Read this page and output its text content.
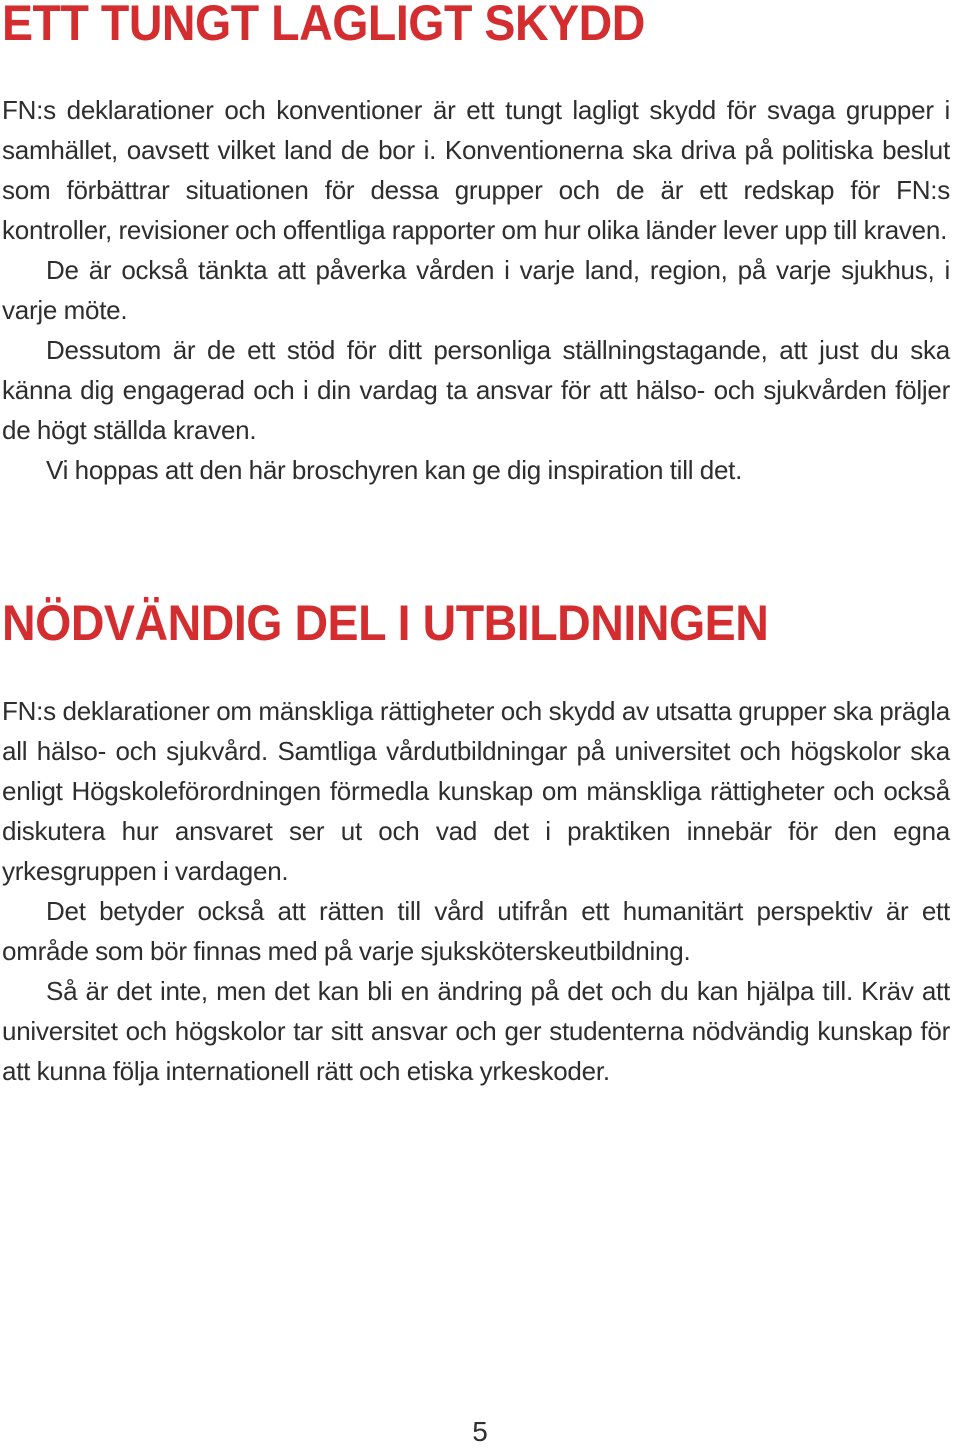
ETT TUNGT LAGLIGT SKYDD

FN:s deklarationer och konventioner är ett tungt lagligt skydd för svaga grupper i samhället, oavsett vilket land de bor i. Konventionerna ska driva på politiska beslut som förbättrar situationen för dessa grupper och de är ett redskap för FN:s kontroller, revisioner och offentliga rapporter om hur olika länder lever upp till kraven.

De är också tänkta att påverka vården i varje land, region, på varje sjukhus, i varje möte.

Dessutom är de ett stöd för ditt personliga ställningstagande, att just du ska känna dig engagerad och i din vardag ta ansvar för att hälso- och sjukvården följer de högt ställda kraven.

Vi hoppas att den här broschyren kan ge dig inspiration till det.

NÖDVÄNDIG DEL I UTBILDNINGEN

FN:s deklarationer om mänskliga rättigheter och skydd av utsatta grupper ska prägla all hälso- och sjukvård. Samtliga vårdutbildningar på universitet och högskolor ska enligt Högskoleförordningen förmedla kunskap om mänskliga rättigheter och också diskutera hur ansvaret ser ut och vad det i praktiken innebär för den egna yrkesgruppen i vardagen.

Det betyder också att rätten till vård utifrån ett humanitärt perspektiv är ett område som bör finnas med på varje sjuksköterskeutbildning.

Så är det inte, men det kan bli en ändring på det och du kan hjälpa till. Kräv att universitet och högskolor tar sitt ansvar och ger studenterna nödvändig kunskap för att kunna följa internationell rätt och etiska yrkeskoder.

5
